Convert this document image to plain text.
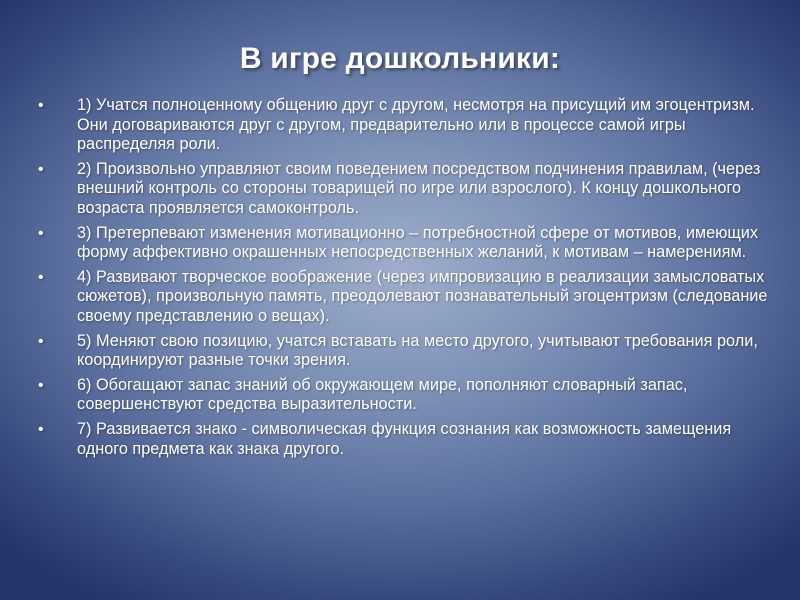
В игре дошкольники:
• 1) Учатся полноценному общению друг с другом, несмотря на присущий им эгоцентризм. Они договариваются друг с другом, предварительно или в процессе самой игры распределяя роли.
• 2) Произвольно управляют своим поведением посредством подчинения правилам, (через внешний контроль со стороны товарищей по игре или взрослого). К концу дошкольного возраста проявляется самоконтроль.
• 3) Претерпевают изменения мотивационно – потребностной сфере от мотивов, имеющих форму аффективно окрашенных непосредственных желаний, к мотивам – намерениям.
• 4) Развивают творческое воображение (через импровизацию в реализации замысловатых сюжетов), произвольную память, преодолевают познавательный эгоцентризм (следование своему представлению о вещах).
• 5) Меняют свою позицию, учатся вставать на место другого, учитывают требования роли, координируют разные точки зрения.
• 6) Обогащают запас знаний об окружающем мире, пополняют словарный запас, совершенствуют средства выразительности.
• 7) Развивается знако - символическая функция сознания как возможность замещения одного предмета как знака другого.
